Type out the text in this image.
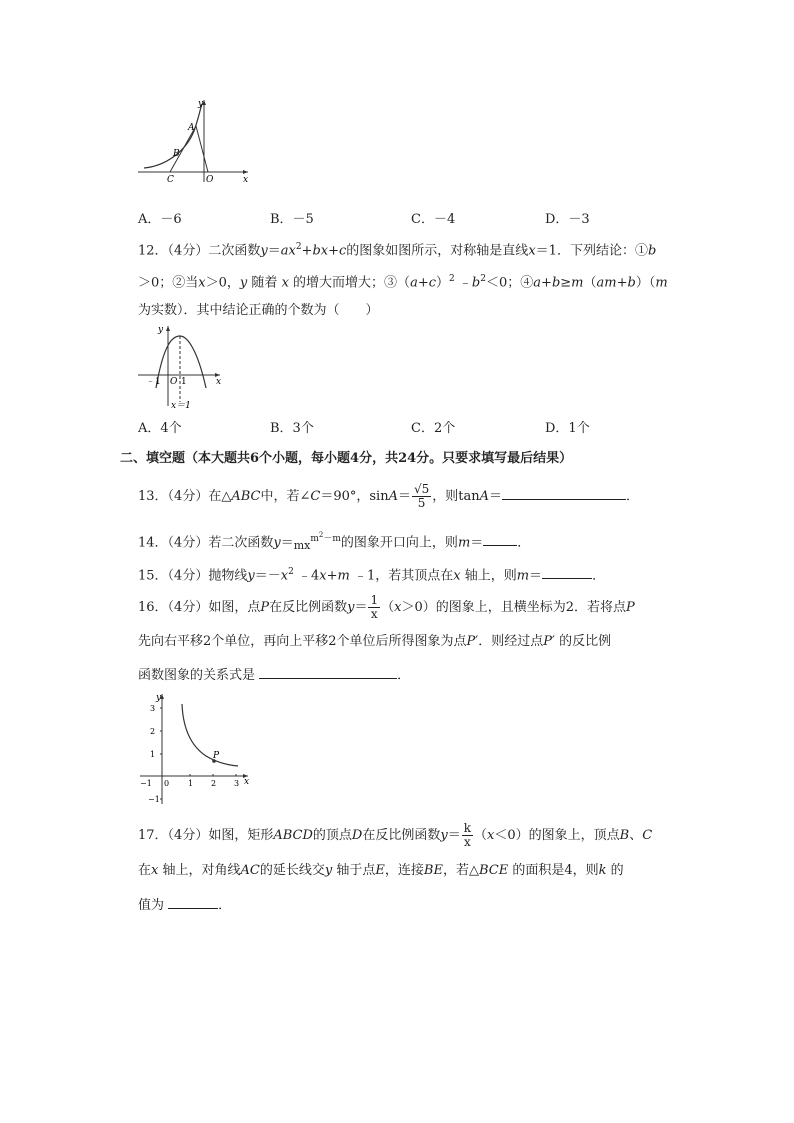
y
x
A
B
C	O
A．－6	B．－5	C．－4	D．－3
12．（4分）二次函数$y=ax^2+bx+c$的图象如图所示，对称轴是直线x＝1．下列结论：①b
＞0；②当x＞0，y 随着 x 的增大而增大；$③(a+c)^2$ $﹣b^2<0$；④a+b≥m（am+b）（m
为实数）．其中结论正确的个数为（　　）
y
x
﹣1 O 1
x＝1
A．4个	B．3个	C．2个	D．1个
二、填空题（本大题共6个小题，每小题4分，共24分。只要求填写最后结果）
13．（4分）在△ABC中，若∠C＝90°，$\sin A= \frac{√5}{5}$ ，则tanA＝	．
14．（4分）若二次函数$y=_{mx}^{m^2-m}$的图象开口向上，则m＝	．
15．（4分）抛物线$y=-x^2$ ﹣4x+m ﹣1，若其顶点在x 轴上，则m＝	．
16．（4分）如图，点P在反比例函数$y= \frac{1}{x} (x>0)$的图象上，且横坐标为2．若将点P
先向右平移2个单位，再向上平移2个单位后所得图象为点P′．则经过点P′ 的反比例
函数图象的关系式是	．
y
x
P
3
2
1
−1
0
−1	1 2 3
17．（4分）如图，矩形ABCD的顶点D在反比例函数$y= \frac{k}{x} (x<0)$的图象上，顶点B、C
在x 轴上，对角线AC的延长线交y 轴于点E，连接BE，若△BCE 的面积是4，则k 的
值为	．
